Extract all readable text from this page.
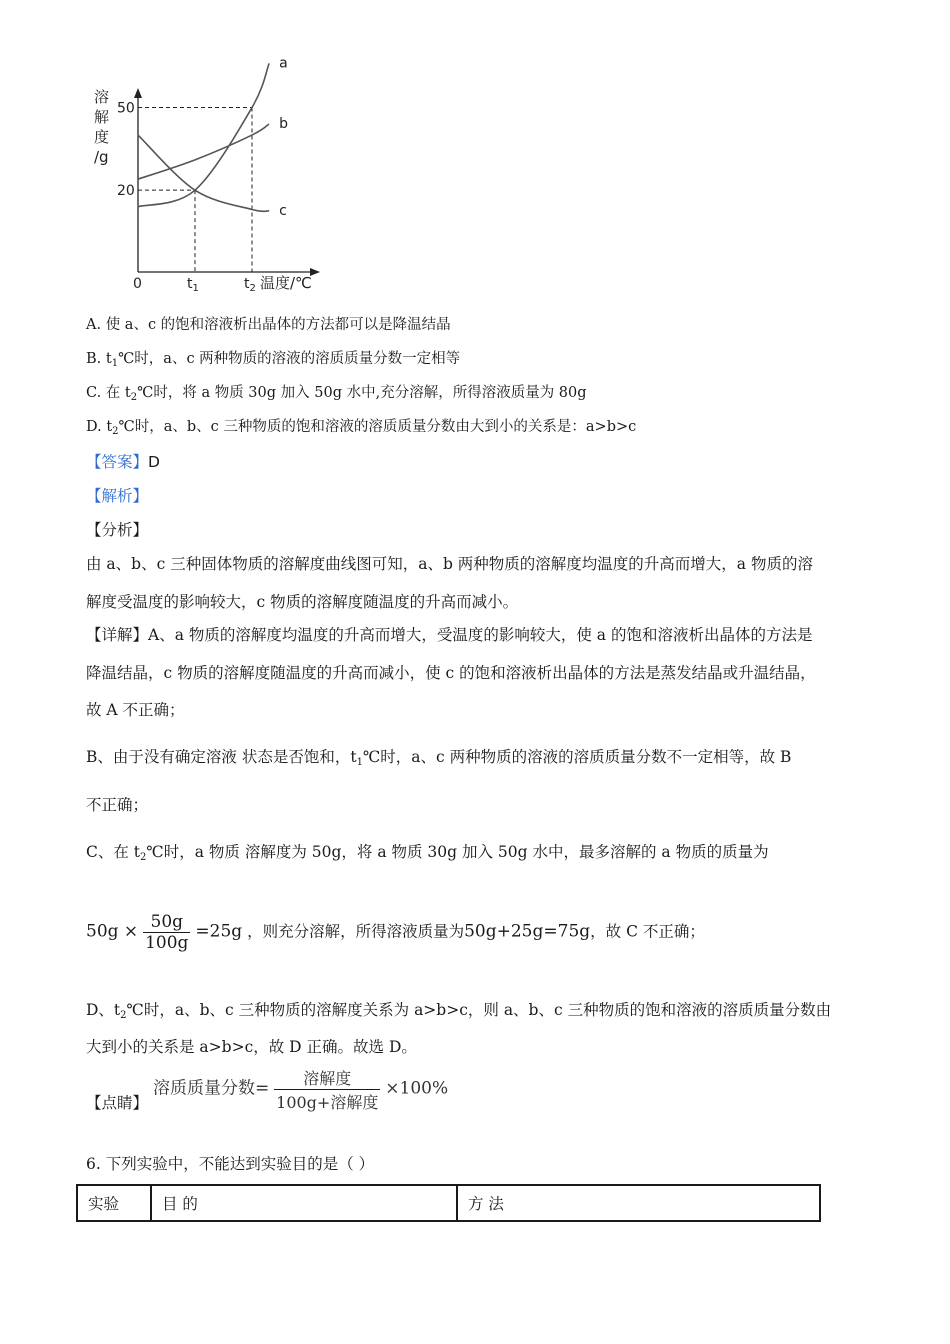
a
b
c
50
20
$t_1$	$t_2$
0
溶解度/g
温度/℃
A. 使 a、c 的饱和溶液析出晶体的方法都可以是降温结晶
B. $t_1℃$时，a、c 两种物质的溶液的溶质质量分数一定相等
C. 在 $t_2℃$时，将 a 物质 30g 加入 50g 水中,充分溶解，所得溶液质量为 80g
D. $t_2℃$时，a、b、c 三种物质的饱和溶液的溶质质量分数由大到小的关系是：a>b>c
【答案】D
【解析】
【分析】
由 a、b、c 三种固体物质的溶解度曲线图可知，a、b 两种物质的溶解度均温度的升高而增大，a 物质的溶
解度受温度的影响较大，c 物质的溶解度随温度的升高而减小。
【详解】A、a 物质的溶解度均温度的升高而增大，受温度的影响较大，使 a 的饱和溶液析出晶体的方法是
降温结晶，c 物质的溶解度随温度的升高而减小，使 c 的饱和溶液析出晶体的方法是蒸发结晶或升温结晶，
故 A 不正确；
B、由于没有确定溶液 状态是否饱和，$t_1℃$时，a、c 两种物质的溶液的溶质质量分数不一定相等，故 B
不正确；
C、在 $t_2℃$时，a 物质 溶解度为 50g，将 a 物质 30g 加入 50g 水中，最多溶解的 a 物质的质量为
$50g \times \frac{50g}{100g} =25g$ ，则充分溶解，所得溶液质量为50g+25g=75g，故 C 不正确；
D、$t_2℃$时，a、b、c 三种物质的溶解度关系为 a>b>c，则 a、b、c 三种物质的饱和溶液的溶质质量分数由
大到小的关系是 a>b>c，故 D 正确。故选 D。
【点睛】 溶质质量分数= $\frac{\text{溶解度}}{\text{100g+溶解度}} \times 100\%$
6. 下列实验中，不能达到实验目的是（ ）
实验	目 的	方 法
